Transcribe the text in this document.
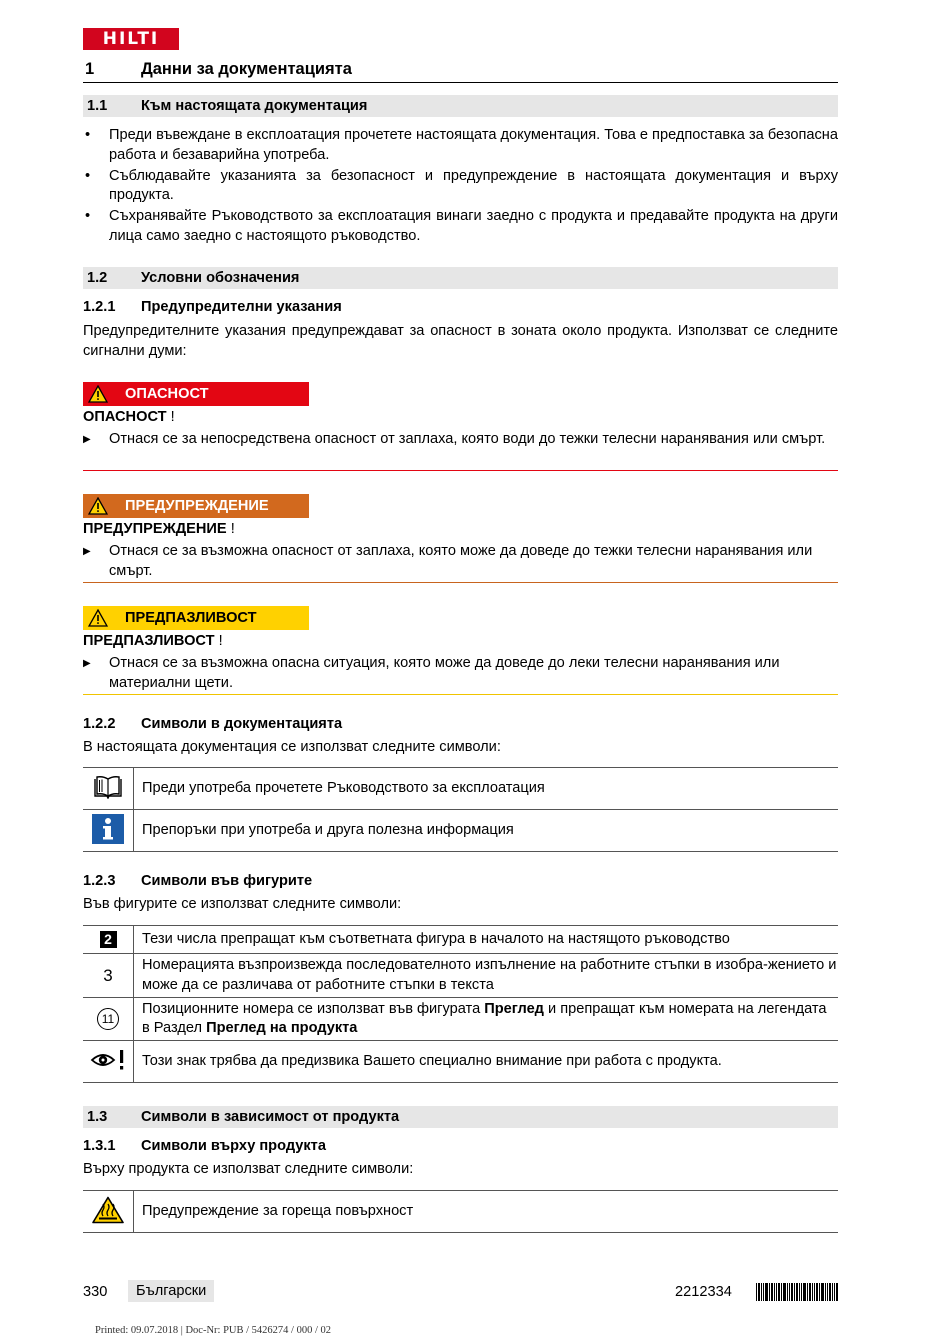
HILTI
1	Данни за документацията
1.1 Към настоящата документация
• Преди въвеждане в експлоатация прочетете настоящата документация. Това е предпоставка за безопасна работа и безаварийна употреба.
• Съблюдавайте указанията за безопасност и предупреждение в настоящата документация и върху продукта.
• Съхранявайте Ръководството за експлоатация винаги заедно с продукта и предавайте продукта на други лица само заедно с настоящото ръководство.
1.2 Условни обозначения
1.2.1 Предупредителни указания
Предупредителните указания предупреждават за опасност в зоната около продукта. Използват се следните сигнални думи:
ОПАСНОСТ
ОПАСНОСТ !
▶	Отнася се за непосредствена опасност от заплаха, която води до тежки телесни наранявания или смърт.
ПРЕДУПРЕЖДЕНИЕ
ПРЕДУПРЕЖДЕНИЕ !
▶	Отнася се за възможна опасност от заплаха, която може да доведе до тежки телесни наранявания или смърт.
ПРЕДПАЗЛИВОСТ
ПРЕДПАЗЛИВОСТ !
▶	Отнася се за възможна опасна ситуация, която може да доведе до леки телесни наранявания или материални щети.
1.2.2 Символи в документацията
В настоящата документация се използват следните символи:
	Преди употреба прочетете Ръководството за експлоатация
	Препоръки при употреба и друга полезна информация
1.2.3 Символи във фигурите
Във фигурите се използват следните символи:
2	Тези числа препращат към съответната фигура в началото на настящото ръководство
3	Номерацията възпроизвежда последователното изпълнение на работните стъпки в изобра-жението и може да се различава от работните стъпки в текста
11	Позиционните номера се използват във фигурата Преглед и препращат към номерата на легендата в Раздел Преглед на продукта
	Този знак трябва да предизвика Вашето специално внимание при работа с продукта.
1.3 Символи в зависимост от продукта
1.3.1 Символи върху продукта
Върху продукта се използват следните символи:
	Предупреждение за гореща повърхност
330	Български	2212334
Printed: 09.07.2018 | Doc-Nr: PUB / 5426274 / 000 / 02
